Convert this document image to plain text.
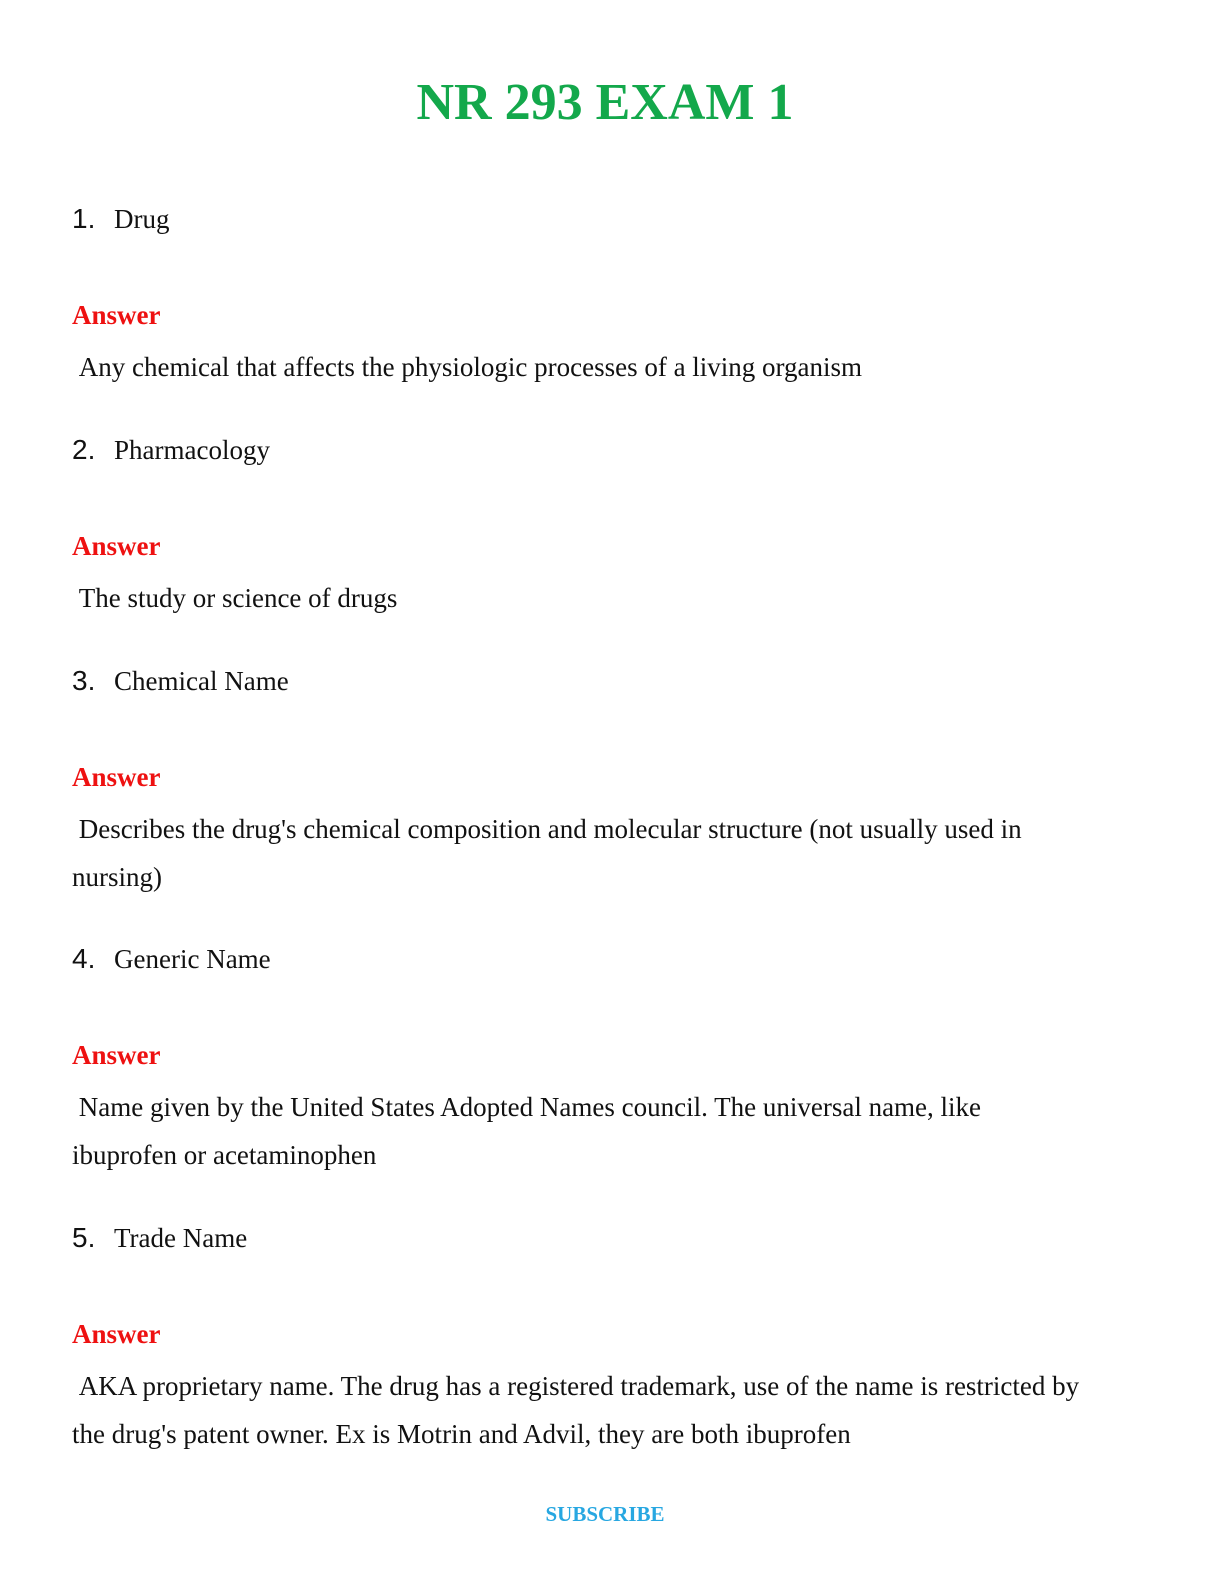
NR 293 EXAM 1
1. Drug
Answer
Any chemical that affects the physiologic processes of a living organism
2. Pharmacology
Answer
The study or science of drugs
3. Chemical Name
Answer
Describes the drug's chemical composition and molecular structure (not usually used in
nursing)
4. Generic Name
Answer
Name given by the United States Adopted Names council. The universal name, like
ibuprofen or acetaminophen
5. Trade Name
Answer
AKA proprietary name. The drug has a registered trademark, use of the name is restricted by
the drug's patent owner. Ex is Motrin and Advil, they are both ibuprofen
SUBSCRIBE
